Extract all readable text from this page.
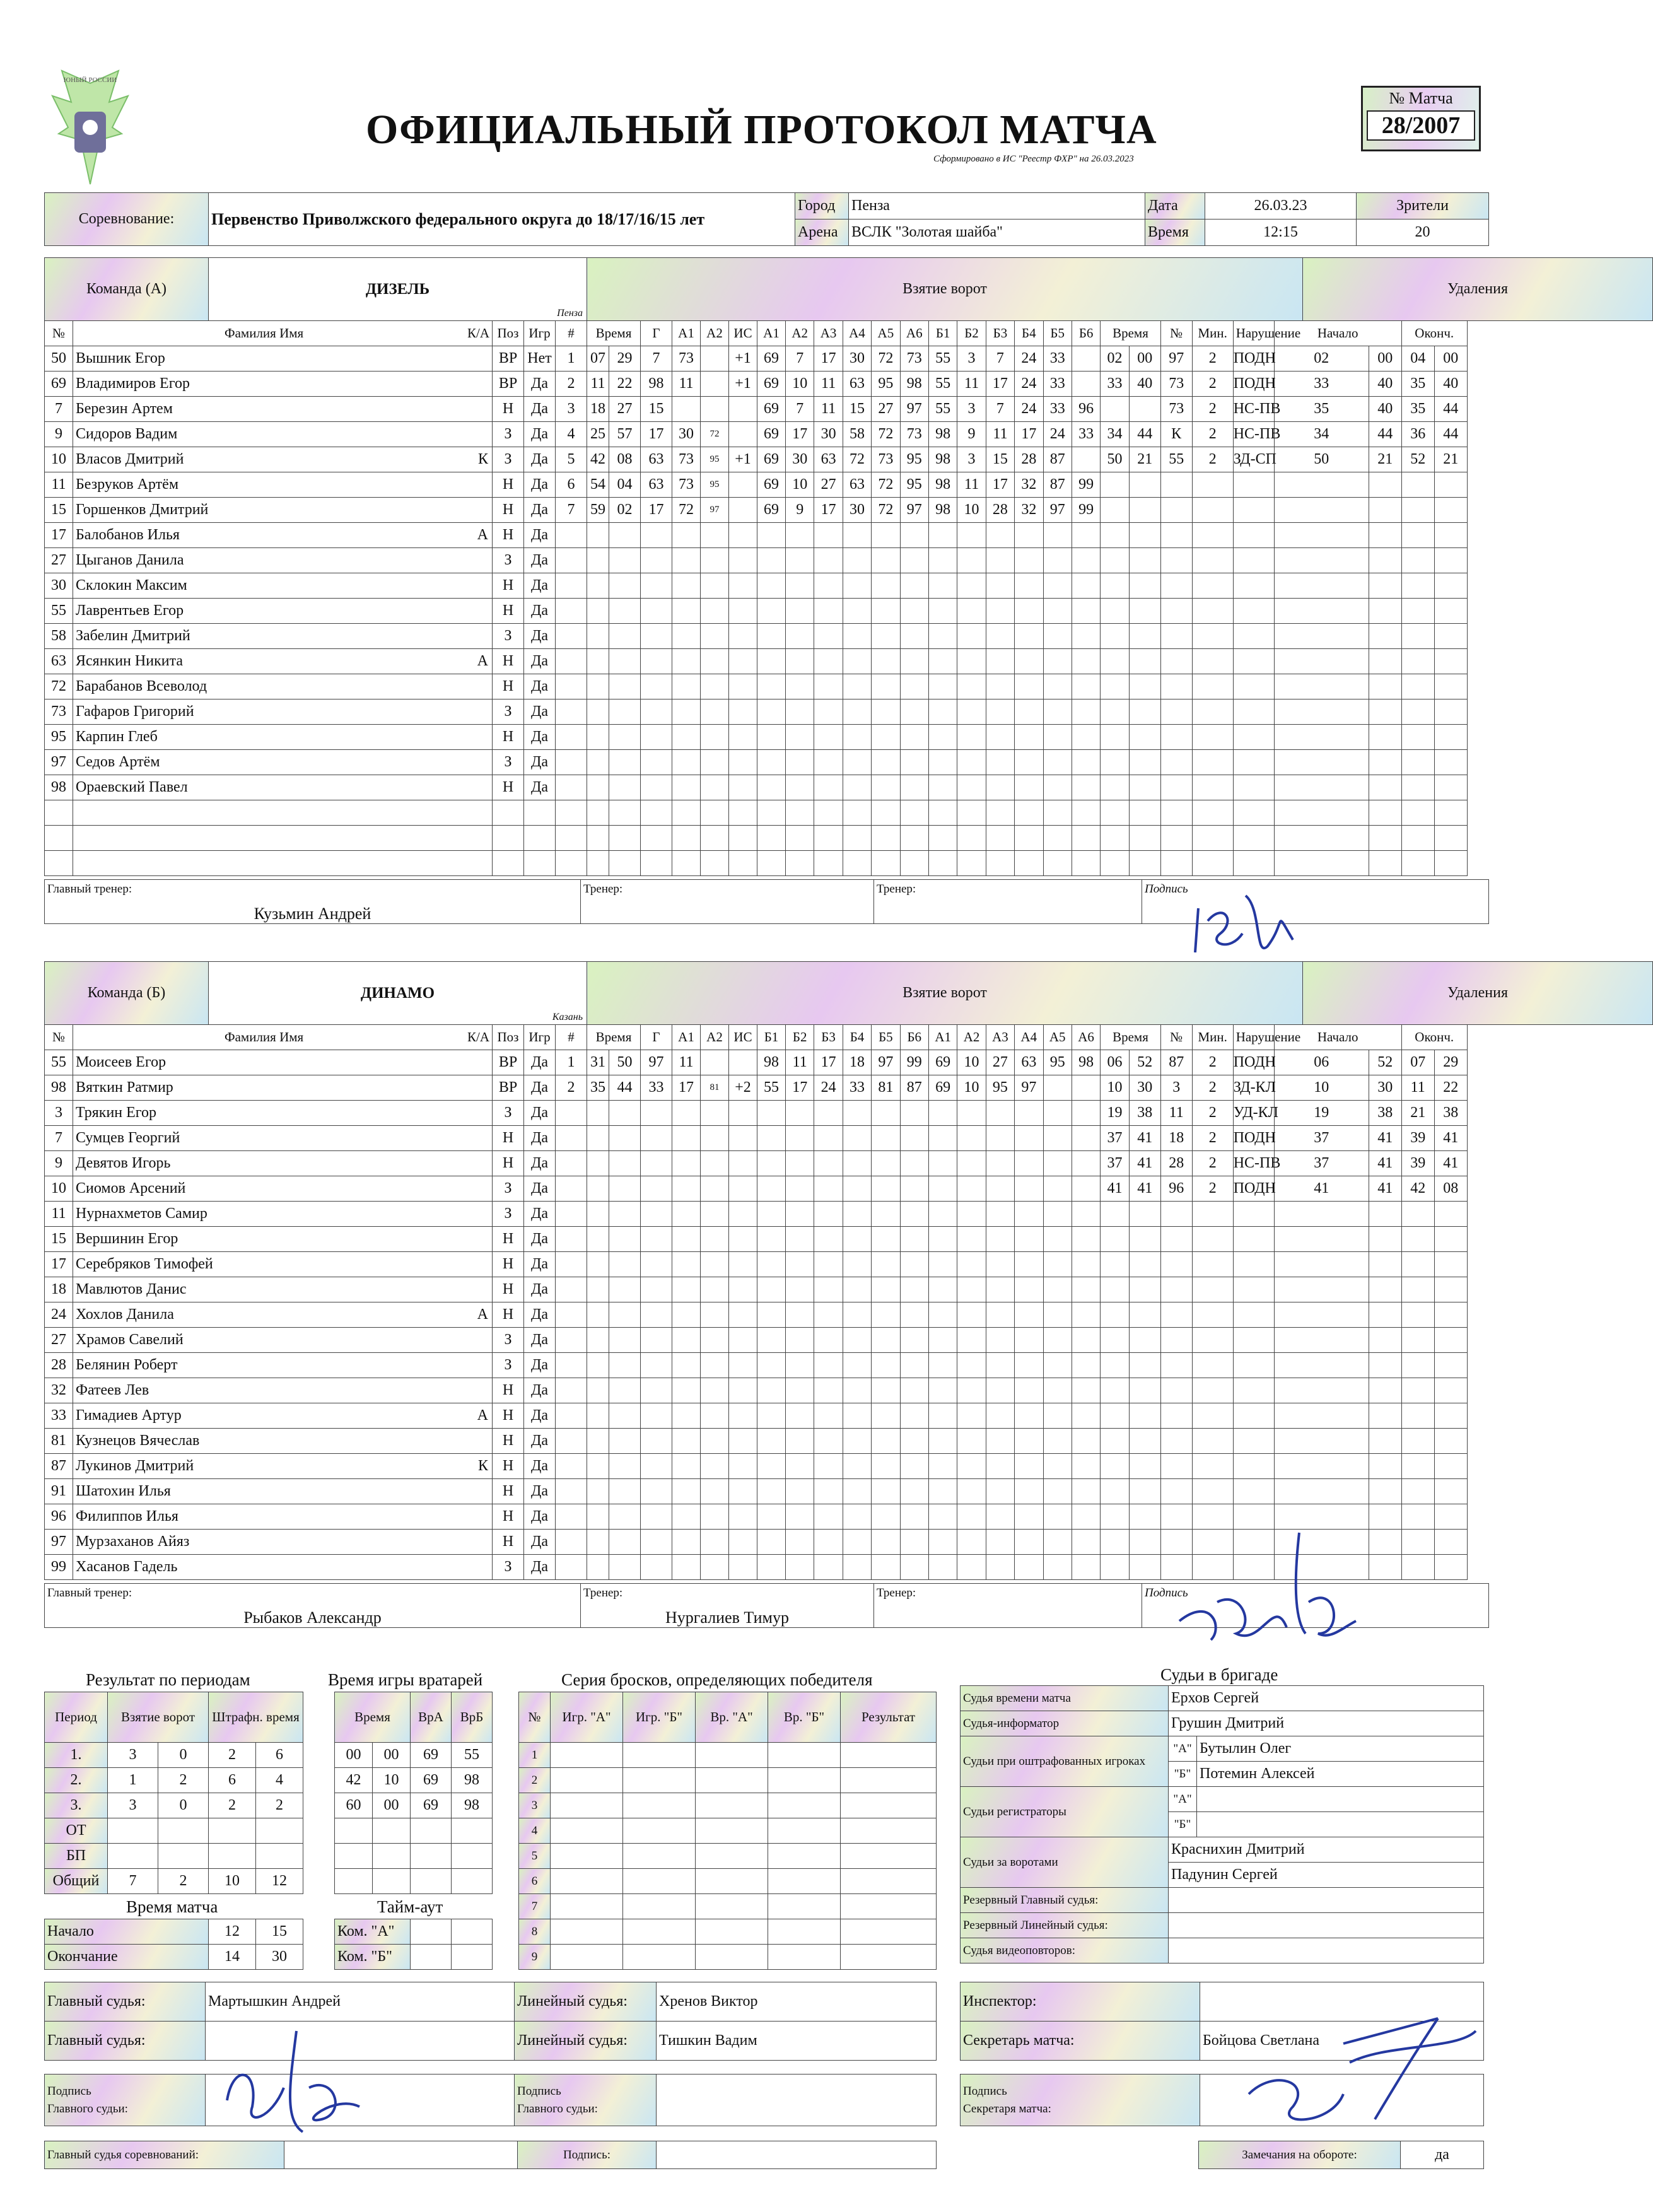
ЮНЫЙ РОССИИ
ОФИЦИАЛЬНЫЙ ПРОТОКОЛ МАТЧА
Сформировано в ИС "Реестр ФХР" на 26.03.2023
№ Матча
28/2007
Соревнование:	Первенство Приволжского федерального округа до 18/17/16/15 лет	Город	Пенза	Дата	26.03.23	Зрители
		Арена	ВСЛК "Золотая шайба"	Время	12:15	20
Команда (А)	ДИЗЕЛЬ
Пенза
	Взятие ворот	Удаления
№	Фамилия Имя К/А	Поз	Игр	#	Время		Г	А1	А2	ИС	А1	А2	А3	А4	А5	А6	Б1	Б2	Б3	Б4	Б5	Б6	Время		№	Мин.	Нарушение	Начало		Оконч.	
50	Вышник Егор	ВР	Нет	1	07	29	7	73		+1	69	7	17	30	72	73	55	3	7	24	33		02	00	97	2	ПОДН	02	00	04	00
69	Владимиров Егор	ВР	Да	2	11	22	98	11		+1	69	10	11	63	95	98	55	11	17	24	33		33	40	73	2	ПОДН	33	40	35	40
7	Березин Артем	Н	Да	3	18	27	15				69	7	11	15	27	97	55	3	7	24	33	96			73	2	НС-ПВ	35	40	35	44
9	Сидоров Вадим	З	Да	4	25	57	17	30	72		69	17	30	58	72	73	98	9	11	17	24	33	34	44	К	2	НС-ПВ	34	44	36	44
10	Власов Дмитрий К	З	Да	5	42	08	63	73	95	+1	69	30	63	72	73	95	98	3	15	28	87		50	21	55	2	ЗД-СП	50	21	52	21
11	Безруков Артём	Н	Да	6	54	04	63	73	95		69	10	27	63	72	95	98	11	17	32	87	99									
15	Горшенков Дмитрий	Н	Да	7	59	02	17	72	97		69	9	17	30	72	97	98	10	28	32	97	99									
17	Балобанов Илья А	Н	Да																												
27	Цыганов Данила	З	Да																												
30	Склокин Максим	Н	Да																												
55	Лаврентьев Егор	Н	Да																												
58	Забелин Дмитрий	З	Да																												
63	Ясянкин Никита А	Н	Да																												
72	Барабанов Всеволод	Н	Да																												
73	Гафаров Григорий	З	Да																												
95	Карпин Глеб	Н	Да																												
97	Седов Артём	З	Да																												
98	Ораевский Павел	Н	Да																												

Главный тренер:
Кузьмин Андрей
	Тренер:	Тренер:	Подпись
Команда (Б)	ДИНАМО
Казань
	Взятие ворот	Удаления
№	Фамилия Имя К/А	Поз	Игр	#	Время		Г	А1	А2	ИС	Б1	Б2	Б3	Б4	Б5	Б6	А1	А2	А3	А4	А5	А6	Время		№	Мин.	Нарушение	Начало		Оконч.	
55	Моисеев Егор	ВР	Да	1	31	50	97	11			98	11	17	18	97	99	69	10	27	63	95	98	06	52	87	2	ПОДН	06	52	07	29
98	Вяткин Ратмир	ВР	Да	2	35	44	33	17	81	+2	55	17	24	33	81	87	69	10	95	97			10	30	3	2	ЗД-КЛ	10	30	11	22
3	Трякин Егор	З	Да																				19	38	11	2	УД-КЛ	19	38	21	38
7	Сумцев Георгий	Н	Да																				37	41	18	2	ПОДН	37	41	39	41
9	Девятов Игорь	Н	Да																				37	41	28	2	НС-ПВ	37	41	39	41
10	Сиомов Арсений	З	Да																				41	41	96	2	ПОДН	41	41	42	08
11	Нурнахметов Самир	З	Да																												
15	Вершинин Егор	Н	Да																												
17	Серебряков Тимофей	Н	Да																												
18	Мавлютов Данис	Н	Да																												
24	Хохлов Данила А	Н	Да																												
27	Храмов Савелий	З	Да																												
28	Белянин Роберт	З	Да																												
32	Фатеев Лев	Н	Да																												
33	Гимадиев Артур А	Н	Да																												
81	Кузнецов Вячеслав	Н	Да																												
87	Лукинов Дмитрий К	Н	Да																												
91	Шатохин Илья	Н	Да																												
96	Филиппов Илья	Н	Да																												
97	Мурзаханов Айяз	Н	Да																												
99	Хасанов Гадель	З	Да																												
Главный тренер:
Рыбаков Александр
	Тренер:
Нургалиев Тимур
	Тренер:	Подпись
Результат по периодам
Период	Взятие ворот		Штрафн. время	
1.	3	0	2	6
2.	1	2	6	4
3.	3	0	2	2
ОТ				
БП				
Общий	7	2	10	12
Время игры вратарей
Время		ВрА	ВрБ
00	00	69	55
42	10	69	98
60	00	69	98

Серия бросков, определяющих победителя
№	Игр. "А"	Игр. "Б"	Вр. "А"	Вр. "Б"	Результат
1					
2					
3					
4					
5					
6					
7					
8					
9					
Время матча
Начало	12	15
Окончание	14	30
Тайм-аут
Ком. "А"		
Ком. "Б"		
Судьи в бригаде
Судья времени матча	Ерхов Сергей	
Судья-информатор	Грушин Дмитрий	
Судьи при оштрафованных игроках	"А"	Бутылин Олег
	"Б"	Потемин Алексей
Судьи регистраторы	"А"	
	"Б"	
Судьи за воротами	Краснихин Дмитрий	
	Падунин Сергей	
Резервный Главный судья:		
Резервный Линейный судья:		
Судья видеоповторов:		
Главный судья:	Мартышкин Андрей	Линейный судья:	Хренов Виктор
Главный судья:		Линейный судья:	Тишкин Вадим
Инспектор:	
Секретарь матча:	Бойцова Светлана
Подпись
Главного судьи:		Подпись
Главного судьи:	
Подпись
Секретаря матча:	
Главный судья соревнований:		Подпись:		Замечания на обороте:	да
